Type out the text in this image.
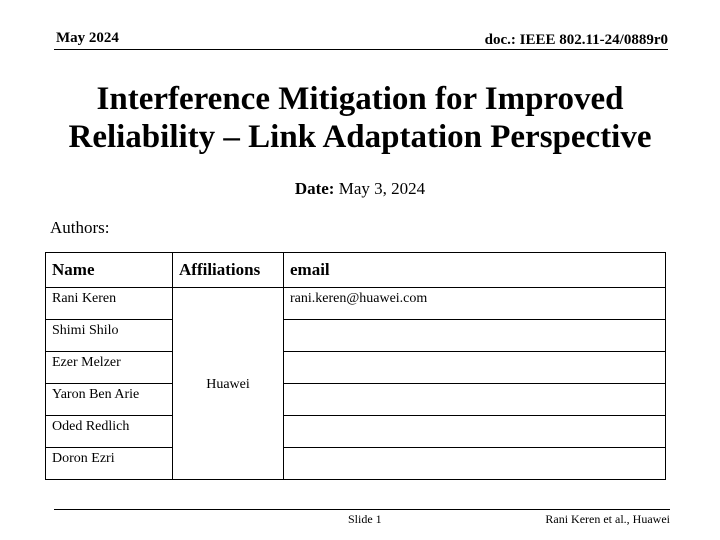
May 2024	doc.: IEEE 802.11-24/0889r0
Interference Mitigation for Improved
Reliability – Link Adaptation Perspective
Date: May 3, 2024
Authors:
Name	Affiliations	email
Rani Keren	Huawei	rani.keren@huawei.com
Shimi Shilo		
Ezer Melzer		
Yaron Ben Arie		
Oded Redlich		
Doron Ezri		
Slide 1	Rani Keren et al., Huawei
